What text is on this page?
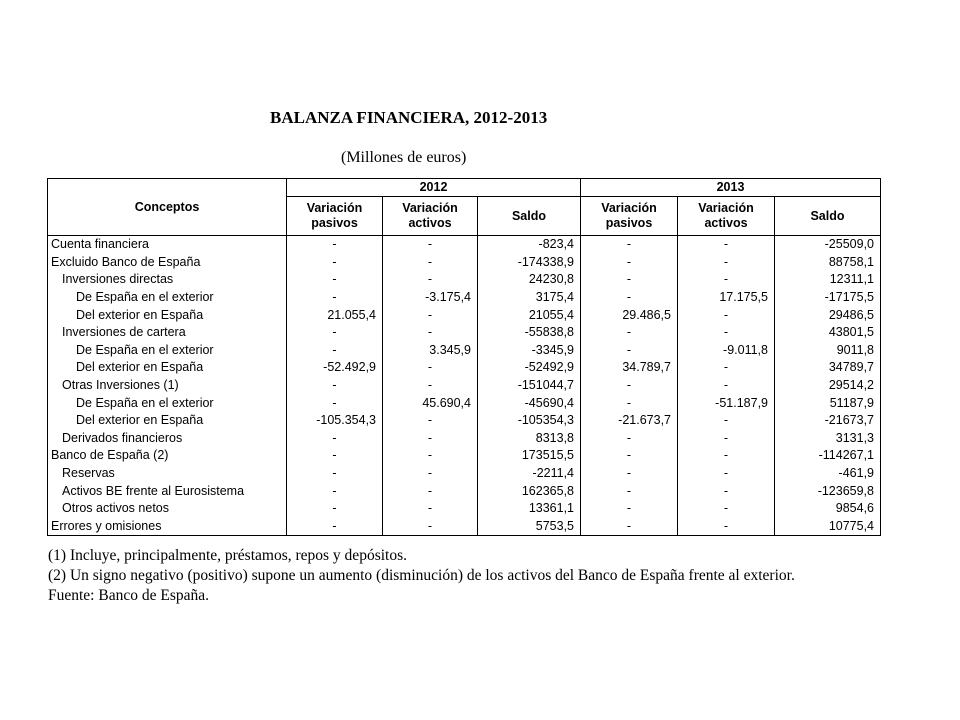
BALANZA FINANCIERA, 2012-2013
(Millones de euros)
Conceptos	2012			2013		
	Variación pasivos	Variación activos	Saldo	Variación pasivos	Variación activos	Saldo
Cuenta financiera	-	-	-823,4	-	-	-25509,0
Excluido Banco de España	-	-	-174338,9	-	-	88758,1
Inversiones directas	-	-	24230,8	-	-	12311,1
De España en el exterior	-	-3.175,4	3175,4	-	17.175,5	-17175,5
Del exterior en España	21.055,4	-	21055,4	29.486,5	-	29486,5
Inversiones de cartera	-	-	-55838,8	-	-	43801,5
De España en el exterior	-	3.345,9	-3345,9	-	-9.011,8	9011,8
Del exterior en España	-52.492,9	-	-52492,9	34.789,7	-	34789,7
Otras Inversiones (1)	-	-	-151044,7	-	-	29514,2
De España en el exterior	-	45.690,4	-45690,4	-	-51.187,9	51187,9
Del exterior en España	-105.354,3	-	-105354,3	-21.673,7	-	-21673,7
Derivados financieros	-	-	8313,8	-	-	3131,3
Banco de España (2)	-	-	173515,5	-	-	-114267,1
Reservas	-	-	-2211,4	-	-	-461,9
Activos BE frente al Eurosistema	-	-	162365,8	-	-	-123659,8
Otros activos netos	-	-	13361,1	-	-	9854,6
Errores y omisiones	-	-	5753,5	-	-	10775,4

(1) Incluye, principalmente, préstamos, repos y depósitos.

(2) Un signo negativo (positivo) supone un aumento (disminución) de los activos del Banco de España frente al exterior.

Fuente: Banco de España.
